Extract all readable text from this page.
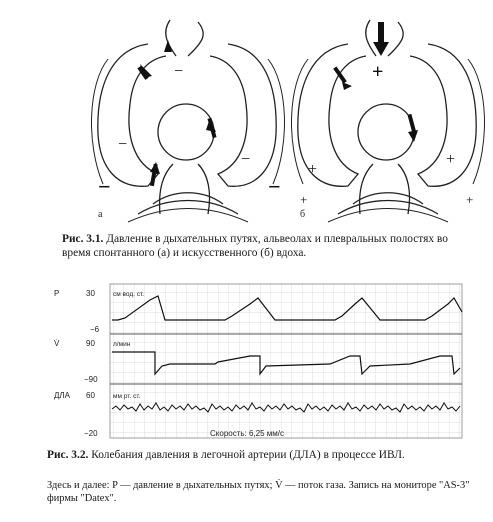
−
−
−
−	−
а
+
+
+
+	+
б
Рис. 3.1. Давление в дыхательных путях, альвеолах и плевральных полостях во время спонтанного (а) и искусственного (б) вдоха.
P	30	см вод. ст.
−6
V̇	90	л/мин
−90
ДЛА 60	мм рт. ст.
−20	Скорость: 6,25 мм/с
Рис. 3.2. Колебания давления в легочной артерии (ДЛА) в процессе ИВЛ.
Здесь и далее: P — давление в дыхательных путях; V̇ — поток газа. Запись на мониторе "AS-3" фирмы "Datex".
